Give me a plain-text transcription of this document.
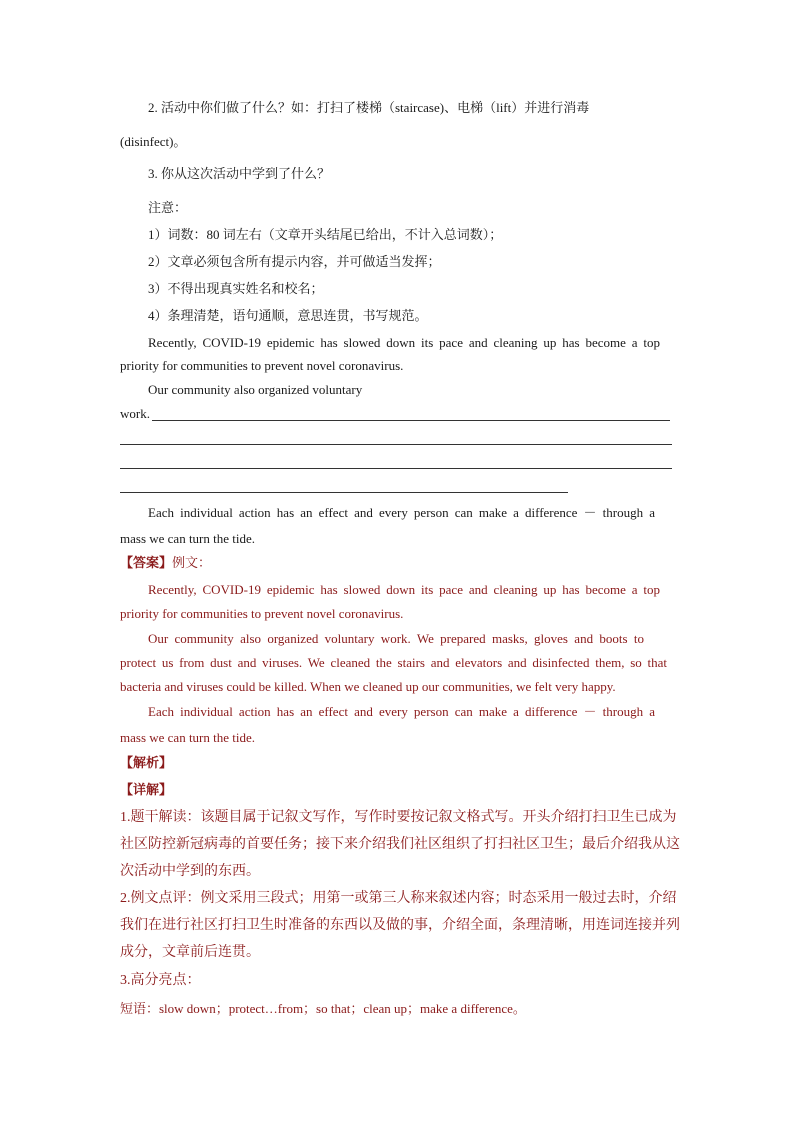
2. 活动中你们做了什么？如：打扫了楼梯（staircase)、电梯（lift）并进行消毒
(disinfect)。
3. 你从这次活动中学到了什么？
注意：
1）词数：80 词左右（文章开头结尾已给出，不计入总词数）；
2）文章必须包含所有提示内容，并可做适当发挥；
3）不得出现真实姓名和校名；
4）条理清楚，语句通顺，意思连贯，书写规范。
Recently, COVID-19 epidemic has slowed down its pace and cleaning up has become a top
priority for communities to prevent novel coronavirus.
Our community also organized voluntary
work.
Each individual action has an effect and every person can make a difference － through a
mass we can turn the tide.
【答案】例文：
Recently, COVID-19 epidemic has slowed down its pace and cleaning up has become a top
priority for communities to prevent novel coronavirus.
Our community also organized voluntary work. We prepared masks, gloves and boots to
protect us from dust and viruses. We cleaned the stairs and elevators and disinfected them, so that
bacteria and viruses could be killed. When we cleaned up our communities, we felt very happy.
Each individual action has an effect and every person can make a difference － through a
mass we can turn the tide.
【解析】
【详解】
1.题干解读：该题目属于记叙文写作，写作时要按记叙文格式写。开头介绍打扫卫生已成为
社区防控新冠病毒的首要任务；接下来介绍我们社区组织了打扫社区卫生；最后介绍我从这
次活动中学到的东西。
2.例文点评：例文采用三段式；用第一或第三人称来叙述内容；时态采用一般过去时，介绍
我们在进行社区打扫卫生时准备的东西以及做的事，介绍全面，条理清晰，用连词连接并列
成分，文章前后连贯。
3.高分亮点：
短语：slow down；protect…from；so that；clean up；make a difference。
